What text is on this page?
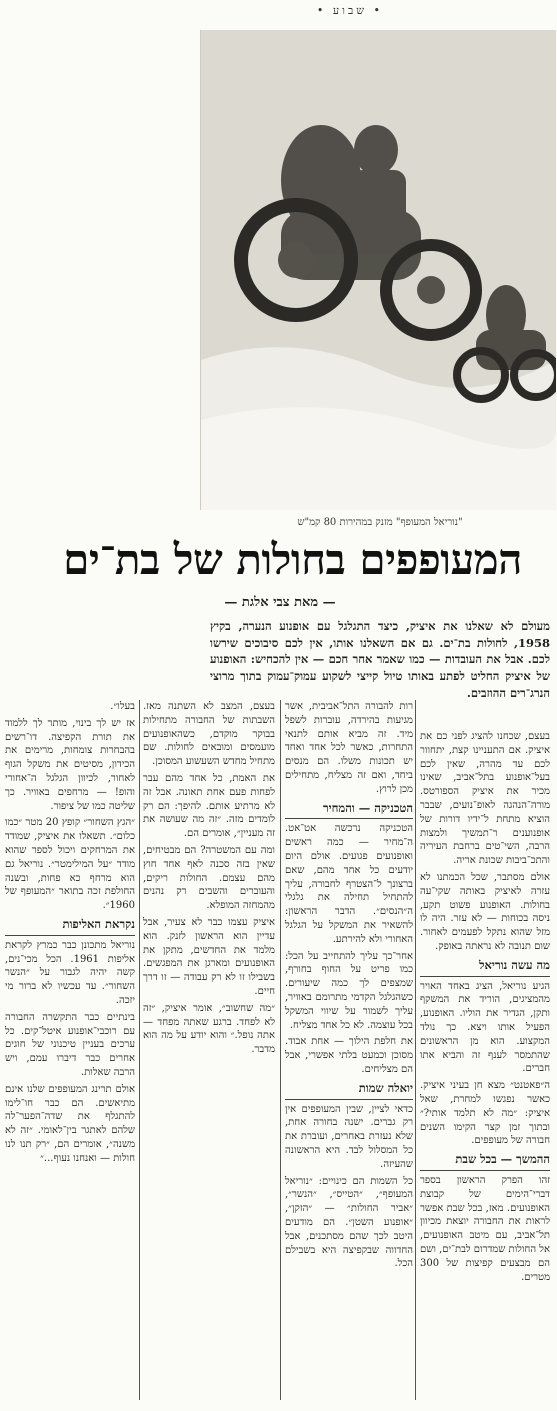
• שבוע •
"נוריאל המעופף" מזנק במהירות 80 קמ"ש
המעופפים בחולות של בת־ים
— מאת צבי אלגת —
מעולם לא שאלנו את איציק, כיצד התגלגל עם אופנוע הנערה, בקיץ 1958, לחולות בת־ים. גם אם השאלנו אותו, אין לכם סיבוכים שירשו לכם. אבל את העובדות — כמו שאמר אחר חכם — אין להכחיש: האופנוע של איציק החליט לפתע באותו טיול קייצי לשקוע עמוק־עמוק בתוך מרוצי הנרג־רים ההוזבים.

בעצם, שכחנו להציג לפני כם את איציק. אם התעניינו קצת, יתחוור לכם עד מהרה, שאין לכם בעל־אופנוע בתל־אביב, שאינו מכיר את איציק הספורטס. מורה־הנהגה לאופ־נועים, שבבר הוציא מתחת ל־ידיו דורות של אופנוענים ר־תמשיך ולמצות הרבה, השי־טים ברחבת העיריה והתכ־ביבות שכונת אריה.

אולם מסתבר, שכל הכמתנו לא עזרה לאיציק באותה שקי־עה בחולות. האופנוע פשוט תקע, ניסה בכוחות — לא עזר. היה לו מזל שהוא נתקל לפעמים לאחור. שום תנובה לא נראתה באופק.

מה עשה נוריאל

הגיע נוריאל, הציג באחד האויר מהמציגים, הוריד את המשקף ותקן, הגדיר את הוליו. האופנוע, הפעיל אותו ויצא. כך נולד המקצוע. הוא מן הראשונים שהתמסר לענף זה והביא אתו חברים.

ה״פאטנט״ מצא חן בעיני איציק. כאשר נפגשו למחרת, שאל איציק: ״מה לא תלמד אותי?״ ובתוך זמן קצר הקימו השנים חבורה של מעופפים.

ההמשך — בכל שבת

זהו הפרק הראשון בספר דברי־הימים של קבוצת האופנועים. מאז, בכל שבת אפשר לראות את החבורה יוצאת מכיוון תל־אביב, עם מיטב האופנועים, אל החולות שמדרום לבת־ים, ושם הם מבצעים קפיצות של 300 מטרים.

רות להבורה התל־אביבית, אשר מגיעות בהירדה, עוברות לשפל מיד. זה מביא אותם לתנאי התחרות, כאשר לכל אחד ואחד יש תכונות משלו. הם מנסים ביחד, ואם זה מצליח, מתחילים מכן לרוץ.

הטכניקה — והמחיר

הטכניקה נרכשה אט־אט. ה־מחיר — כמה ראשים ואופנועים פגועים. אולם היום יודעים כל אחד מהם, שאם ברצונך ל־הצטרף לחבורה, עליך להתחיל תחילה את גלגלי ה״הנסים״. הדבר הראשון: להשאיר את המשקל על הגלגל האחורי ולא להירתע.

אחר־כך עליך להתחייב על הכל: כמו פריט על החוף בחורף, שמצפים לך כמה שיעורים. כשהגלגל הקדמי מתרומם באוויר, עליך לשמור על שיווי המשקל בכל עוצמה. לא כל אחד מצליח.

את חלפת הילוך — אחת אבוד. מסוכן וכמעט בלתי אפשרי, אבל הם מצליחים.

יואלה שמות

כדאי לציין, שבין המעופפים אין רק גברים. ישנה בחורה אחת, שלא נעזרת באחרים, ועוברת את כל המסלול לבד. היא הראשונה שהעיזה.

כל השמות הם כינויים: ״נוריאל המעופף״, ״הטייס״, ״הנשר״, ״אביר החולות״ — ״הזקן״, ״אופנוע השטן״. הם מודעים היטב לכך שהם מסתכנים, אבל החדווה שבקפיצה היא בשבילם הכל.

בעצם, המצב לא השתנה מאז. השבתות של החבורה מתחילות בבוקר מוקדם, כשהאופנועים מועמסים ומובאים לחולות. שם מתחיל מחדש השעשוע המסוכן.

את האמת, כל אחד מהם עבר לפחות פעם אחת תאונה. אבל זה לא מרתיע אותם. להיפך: הם רק לומדים מזה. ״זה מה שעושה את זה מעניין״, אומרים הם.

ומה עם המשטרה? הם מבטיחים, שאין בזה סכנה לאף אחד חוץ מהם עצמם. החולות ריקים, והעוברים והשבים רק נהנים מהמחזה המופלא.

איציק עצמו כבר לא צעיר, אבל עדיין הוא הראשון לזנק. הוא מלמד את החדשים, מתקן את האופנועים ומארגן את המפגשים. בשבילו זו לא רק עבודה — זו דרך חיים.

״מה שחשוב״, אומר איציק, ״זה לא לפחד. ברגע שאתה מפחד — אתה נופל.״ והוא יודע על מה הוא מדבר.

בעלו״.

אז יש לך בינוי, מותר לך ללמוד את תורת הקפיצה. דו־רשים בהבחרות צומחות, מרימים את הכידון, מסיטים את משקל הגוף לאחור, לכיוון הגלגל ה־אחורי והופ! — מרחפים באוויר. כך שליטה כמו של ציפור.

״הגץ השחור״ קופץ 20 מטר ״כמו כלום״. תשאלו את איציק, שמודד את המרחקים ויכול לספר שהוא מודד ״על המילימטר״. נוריאל גם הוא מרחף כא פחות, ובשנה החולפת זכה בתואר ״המעופף של 1960״.

נקראת האליפות

נוריאל מתכונן כבר כמרץ לקראת אליפות 1961. הכל מכי־נים, קשה יהיה לגבור על ״הנשר השחור״. עד עכשיו לא ברור מי יזכה.

בינתיים כבר התקשרה החבורה עם רוכבי־אופנוע איטל־קים. כל ערכים בעניין טיכנוני של חוגים אחרים כבר דיברו עמם, ויש הרבה שאלות.

אולם תרינג המעופפים שלנו אינם מתיאשים. הם כבר חו־לימו להתגלף את שדה־הפער־לה שלהם לאתגר בין־לאומי. ״זה לא משנה״, אומרים הם, ״רק תנו לנו חולות — ואנחנו נעוף...״
